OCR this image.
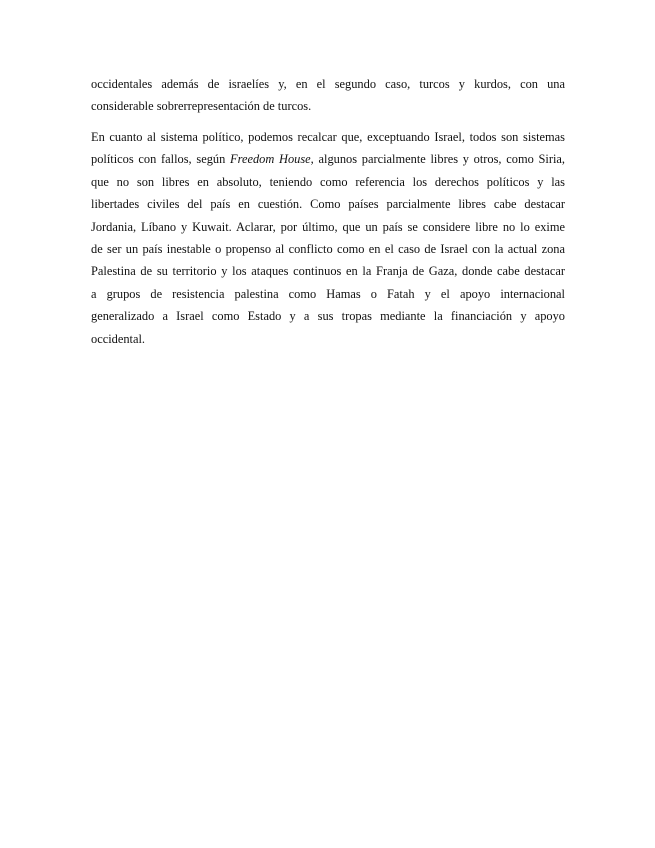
occidentales además de israelíes y, en el segundo caso, turcos y kurdos, con una
considerable sobrerrepresentación de turcos.
En cuanto al sistema político, podemos recalcar que, exceptuando Israel, todos son sistemas
políticos con fallos, según Freedom House, algunos parcialmente libres y otros, como Siria,
que no son libres en absoluto, teniendo como referencia los derechos políticos y las
libertades civiles del país en cuestión. Como países parcialmente libres cabe destacar
Jordania, Líbano y Kuwait. Aclarar, por último, que un país se considere libre no lo exime
de ser un país inestable o propenso al conflicto como en el caso de Israel con la actual zona
Palestina de su territorio y los ataques continuos en la Franja de Gaza, donde cabe destacar
a grupos de resistencia palestina como Hamas o Fatah y el apoyo internacional
generalizado a Israel como Estado y a sus tropas mediante la financiación y apoyo
occidental.
